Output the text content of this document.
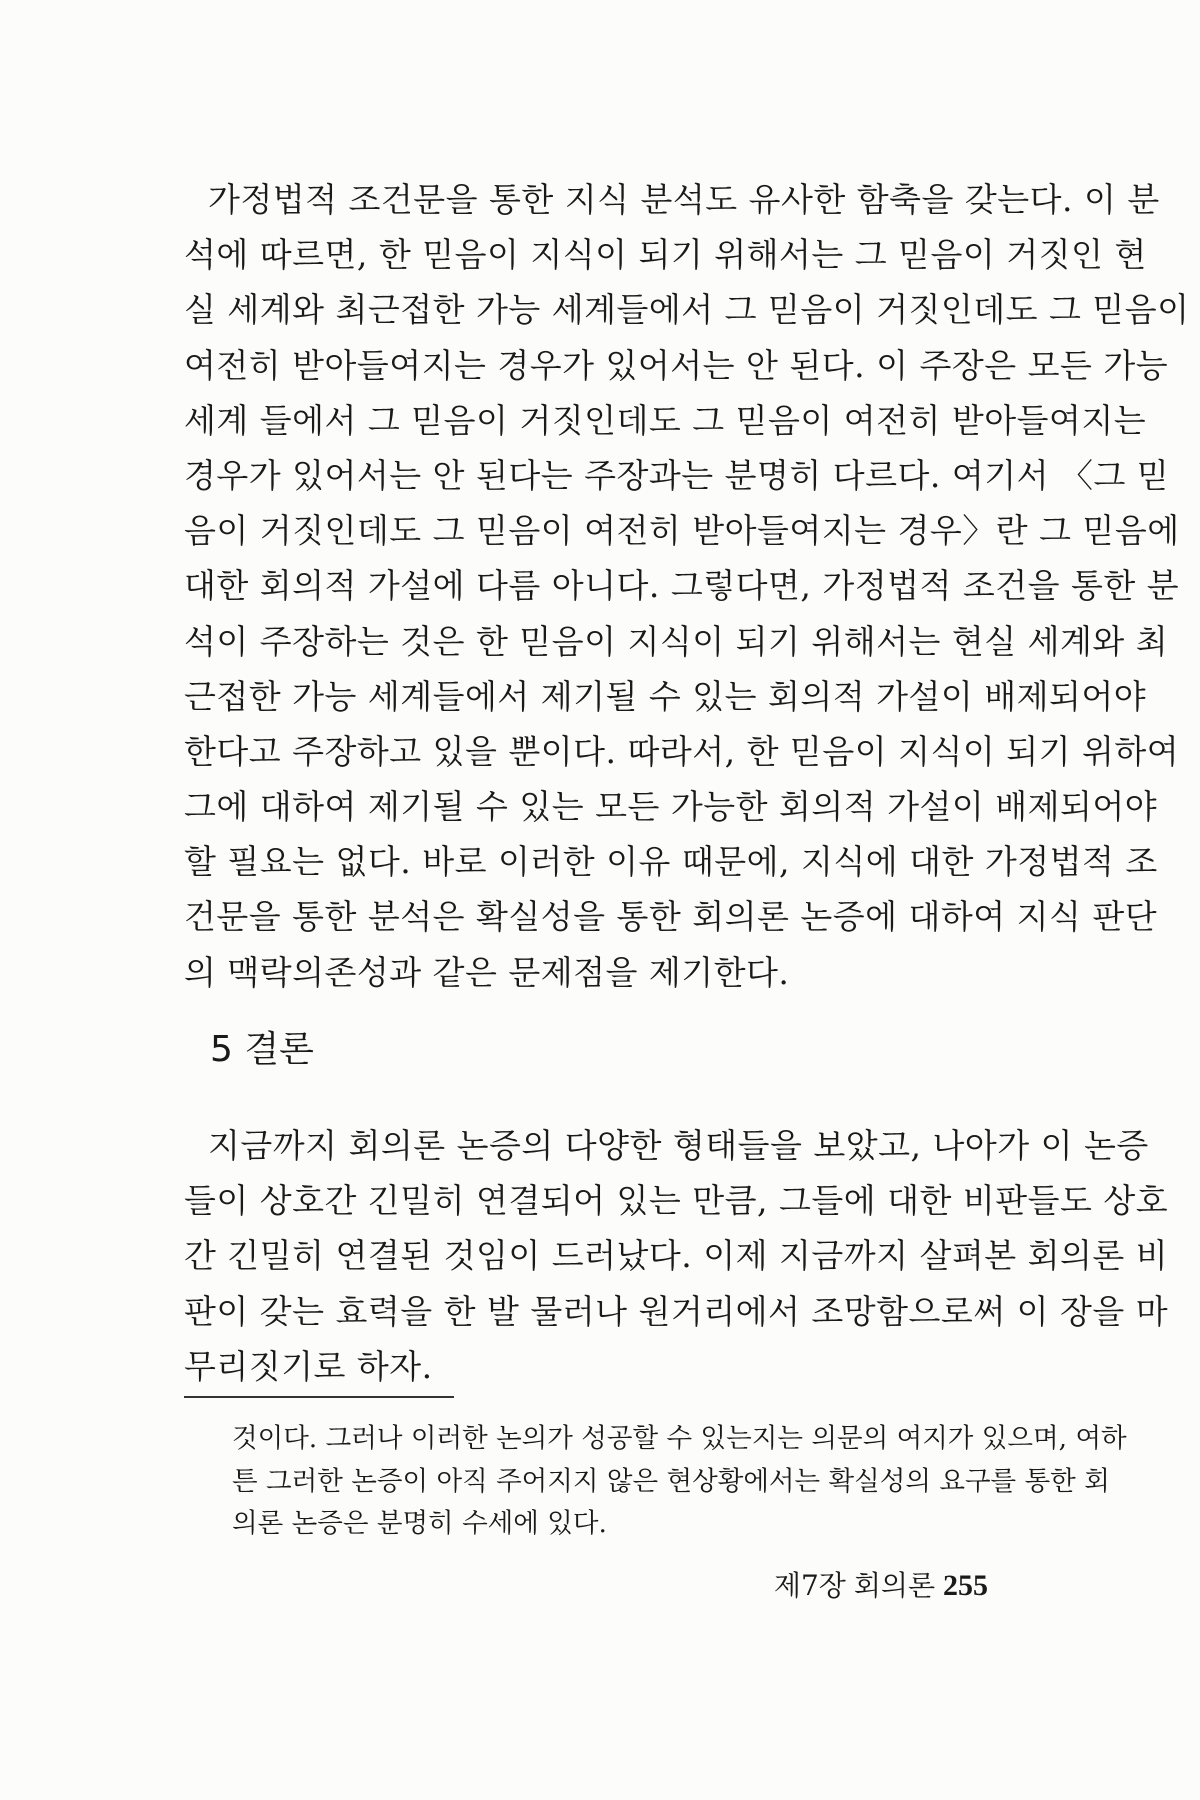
가정법적 조건문을 통한 지식 분석도 유사한 함축을 갖는다. 이 분
석에 따르면, 한 믿음이 지식이 되기 위해서는 그 믿음이 거짓인 현
실 세계와 최근접한 가능 세계들에서 그 믿음이 거짓인데도 그 믿음이
여전히 받아들여지는 경우가 있어서는 안 된다. 이 주장은 모든 가능
세계 들에서 그 믿음이 거짓인데도 그 믿음이 여전히 받아들여지는
경우가 있어서는 안 된다는 주장과는 분명히 다르다. 여기서 〈그 믿
음이 거짓인데도 그 믿음이 여전히 받아들여지는 경우〉란 그 믿음에
대한 회의적 가설에 다름 아니다. 그렇다면, 가정법적 조건을 통한 분
석이 주장하는 것은 한 믿음이 지식이 되기 위해서는 현실 세계와 최
근접한 가능 세계들에서 제기될 수 있는 회의적 가설이 배제되어야
한다고 주장하고 있을 뿐이다. 따라서, 한 믿음이 지식이 되기 위하여
그에 대하여 제기될 수 있는 모든 가능한 회의적 가설이 배제되어야
할 필요는 없다. 바로 이러한 이유 때문에, 지식에 대한 가정법적 조
건문을 통한 분석은 확실성을 통한 회의론 논증에 대하여 지식 판단
의 맥락의존성과 같은 문제점을 제기한다.
5 결론
지금까지 회의론 논증의 다양한 형태들을 보았고, 나아가 이 논증
들이 상호간 긴밀히 연결되어 있는 만큼, 그들에 대한 비판들도 상호
간 긴밀히 연결된 것임이 드러났다. 이제 지금까지 살펴본 회의론 비
판이 갖는 효력을 한 발 물러나 원거리에서 조망함으로써 이 장을 마
무리짓기로 하자.
것이다. 그러나 이러한 논의가 성공할 수 있는지는 의문의 여지가 있으며, 여하
튼 그러한 논증이 아직 주어지지 않은 현상황에서는 확실성의 요구를 통한 회
의론 논증은 분명히 수세에 있다.
제7장 회의론 255
